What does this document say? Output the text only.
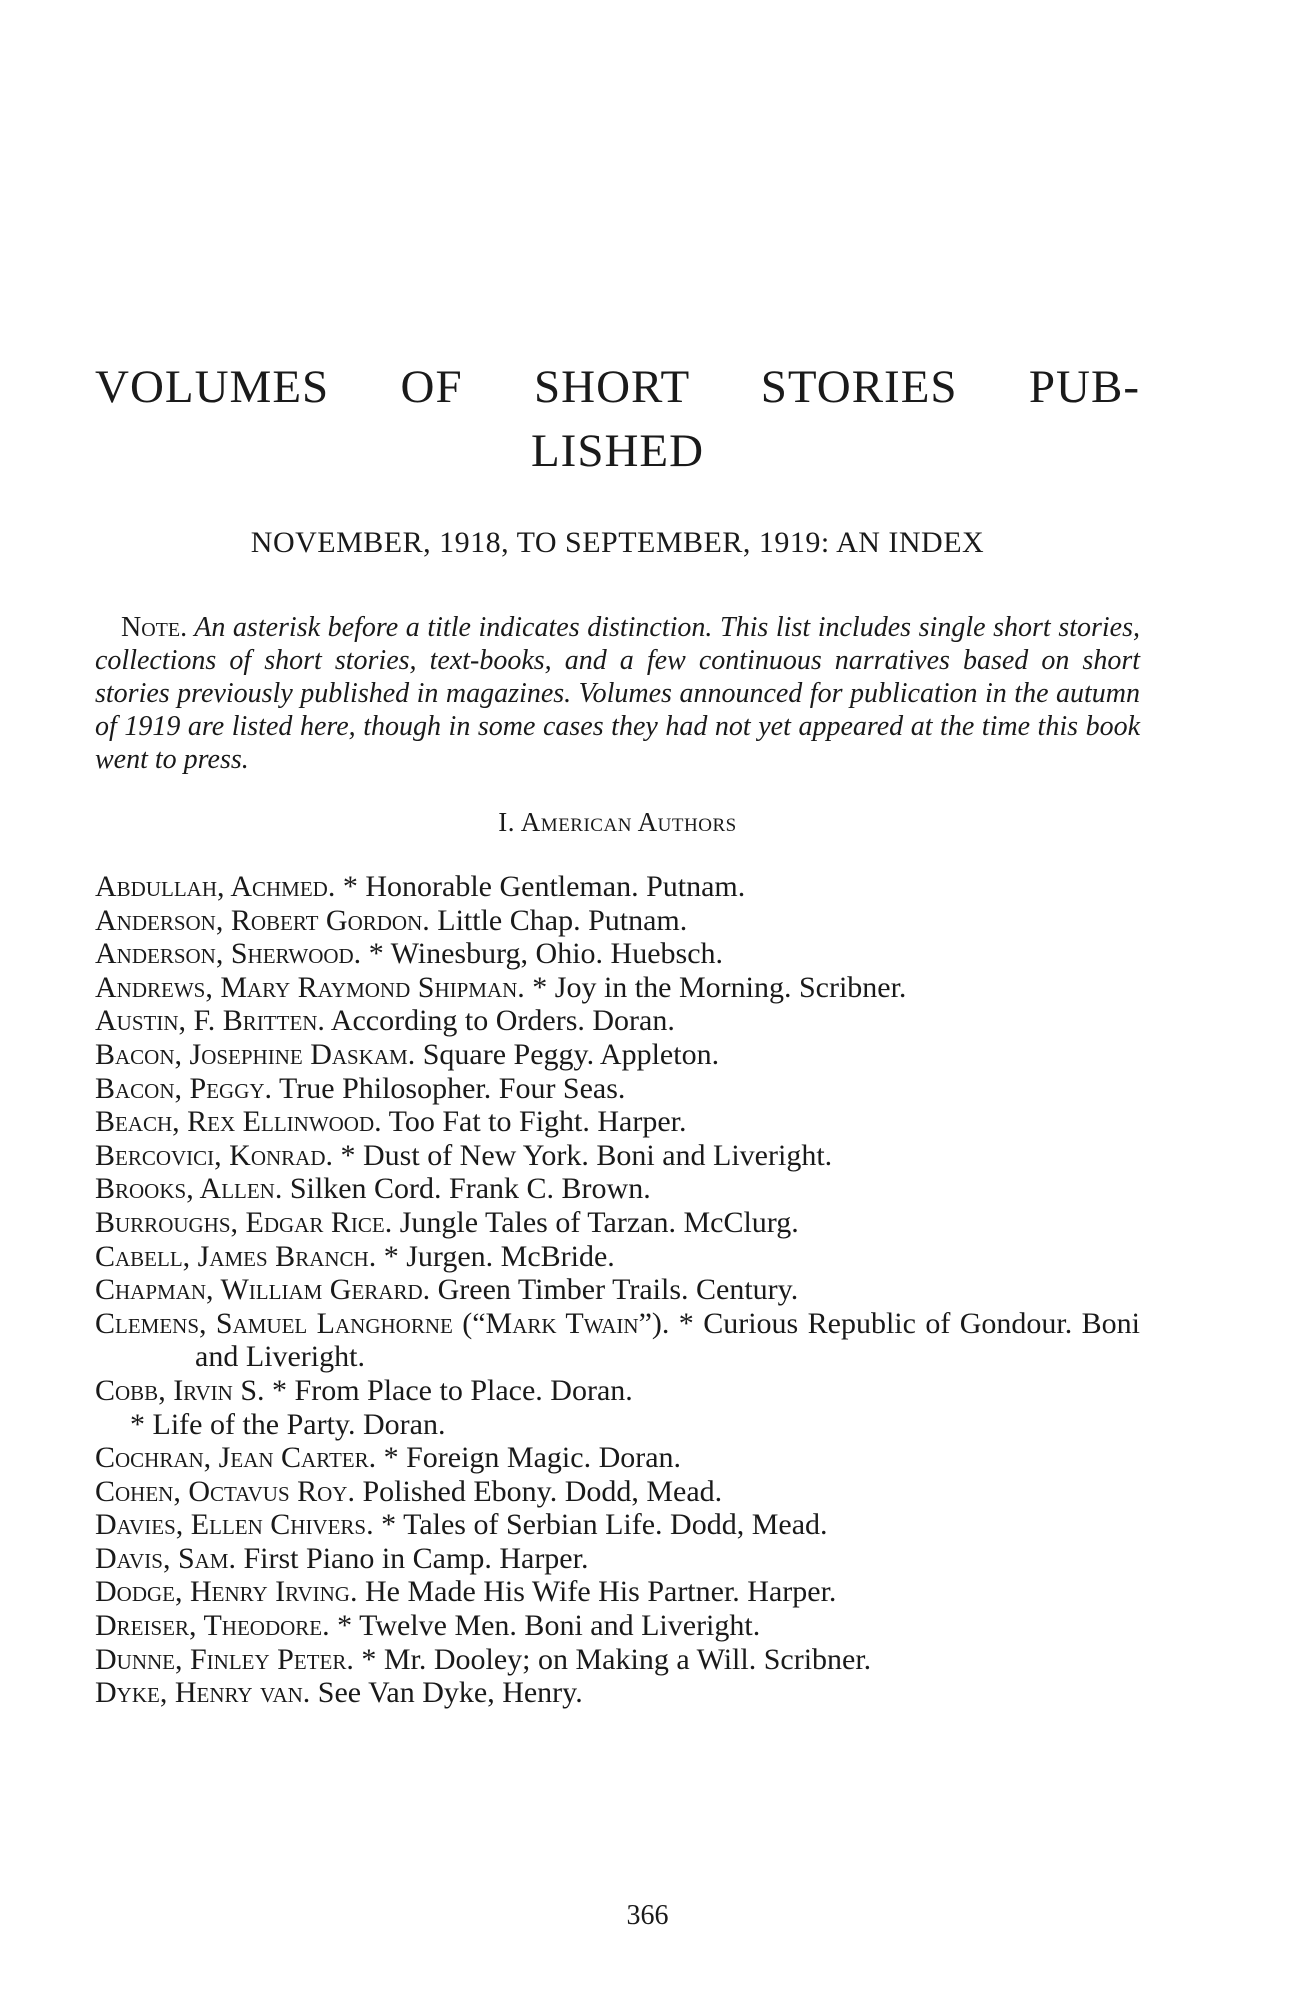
VOLUMES OF SHORT STORIES PUB-
LISHED
NOVEMBER, 1918, TO SEPTEMBER, 1919: AN INDEX

Note. An asterisk before a title indicates distinction. This list includes single short stories, collections of short stories, text-books, and a few continuous narratives based on short stories previously published in magazines. Volumes announced for publication in the autumn of 1919 are listed here, though in some cases they had not yet appeared at the time this book went to press.

I. American Authors
Abdullah, Achmed. * Honorable Gentleman. Putnam.
Anderson, Robert Gordon. Little Chap. Putnam.
Anderson, Sherwood. * Winesburg, Ohio. Huebsch.
Andrews, Mary Raymond Shipman. * Joy in the Morning. Scribner.
Austin, F. Britten. According to Orders. Doran.
Bacon, Josephine Daskam. Square Peggy. Appleton.
Bacon, Peggy. True Philosopher. Four Seas.
Beach, Rex Ellinwood. Too Fat to Fight. Harper.
Bercovici, Konrad. * Dust of New York. Boni and Liveright.
Brooks, Allen. Silken Cord. Frank C. Brown.
Burroughs, Edgar Rice. Jungle Tales of Tarzan. McClurg.
Cabell, James Branch. * Jurgen. McBride.
Chapman, William Gerard. Green Timber Trails. Century.
Clemens, Samuel Langhorne (“Mark Twain”). * Curious Republic of Gondour. Boni and Liveright.
Cobb, Irvin S. * From Place to Place. Doran.
* Life of the Party. Doran.
Cochran, Jean Carter. * Foreign Magic. Doran.
Cohen, Octavus Roy. Polished Ebony. Dodd, Mead.
Davies, Ellen Chivers. * Tales of Serbian Life. Dodd, Mead.
Davis, Sam. First Piano in Camp. Harper.
Dodge, Henry Irving. He Made His Wife His Partner. Harper.
Dreiser, Theodore. * Twelve Men. Boni and Liveright.
Dunne, Finley Peter. * Mr. Dooley; on Making a Will. Scribner.
Dyke, Henry van. See Van Dyke, Henry.
366
